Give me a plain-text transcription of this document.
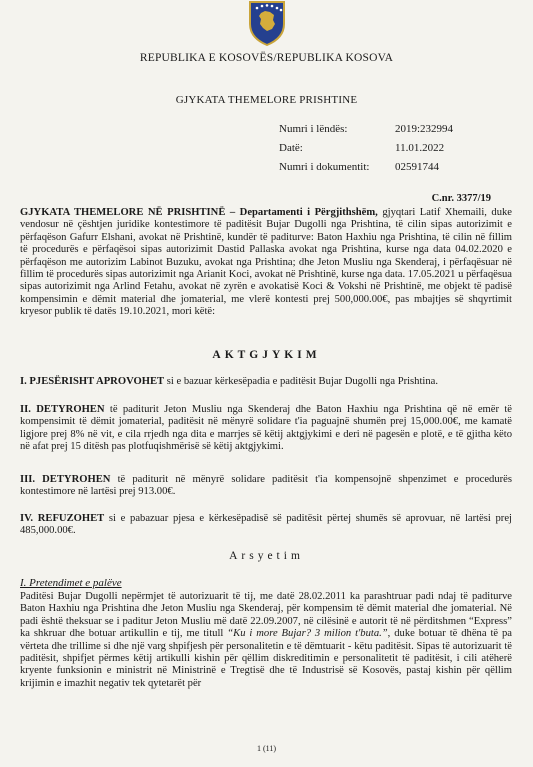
REPUBLIKA E KOSOVËS/REPUBLIKA KOSOVA
GJYKATA THEMELORE PRISHTINE
Numri i lëndës:	2019:232994
Datë:	11.01.2022
Numri i dokumentit: 02591744
C.nr. 3377/19

GJYKATA THEMELORE NË PRISHTINË – Departamenti i Përgjithshëm, gjyqtari Latif Xhemaili, duke vendosur në çështjen juridike kontestimore të paditësit Bujar Dugolli nga Prishtina, të cilin sipas autorizimit e përfaqëson Gafurr Elshani, avokat në Prishtinë, kundër të paditurve: Baton Haxhiu nga Prishtina, të cilin në fillim të procedurës e përfaqësoi sipas autorizimit Dastid Pallaska avokat nga Prishtina, kurse nga data 04.02.2020 e përfaqëson me autorizim Labinot Buzuku, avokat nga Prishtina; dhe Jeton Musliu nga Skenderaj, i përfaqësuar në fillim të procedurës sipas autorizimit nga Arianit Koci, avokat në Prishtinë, kurse nga data. 17.05.2021 u përfaqësua sipas autorizimit nga Arlind Fetahu, avokat në zyrën e avokatisë Koci & Vokshi në Prishtinë, me objekt të padisë kompensimin e dëmit material dhe jomaterial, me vlerë kontesti prej 500,000.00€, pas mbajtjes së shqyrtimit kryesor publik të datës 19.10.2021, mori këtë:

AKTGJYKIM

I. PJESËRISHT APROVOHET si e bazuar kërkesëpadia e paditësit Bujar Dugolli nga Prishtina.

II. DETYROHEN të paditurit Jeton Musliu nga Skenderaj dhe Baton Haxhiu nga Prishtina që në emër të kompensimit të dëmit jomaterial, paditësit në mënyrë solidare t'ia paguajnë shumën prej 15,000.00€, me kamatë ligjore prej 8% në vit, e cila rrjedh nga dita e marrjes së këtij aktgjykimi e deri në pagesën e plotë, e të gjitha këto në afat prej 15 ditësh pas plotfuqishmërisë së këtij aktgjykimi.

III. DETYROHEN të paditurit në mënyrë solidare paditësit t'ia kompensojnë shpenzimet e procedurës kontestimore në lartësi prej 913.00€.

IV. REFUZOHET si e pabazuar pjesa e kërkesëpadisë së paditësit përtej shumës së aprovuar, në lartësi prej 485,000.00€.

Arsyetim
I. Pretendimet e palëve

Paditësi Bujar Dugolli nepërmjet të autorizuarit të tij, me datë 28.02.2011 ka parashtruar padi ndaj të paditurve Baton Haxhiu nga Prishtina dhe Jeton Musliu nga Skenderaj, për kompensim të dëmit material dhe jomaterial. Në padi është theksuar se i paditur Jeton Musliu më datë 22.09.2007, në cilësinë e autorit të në përditshmen “Express” ka shkruar dhe botuar artikullin e tij, me titull “Ku i more Bujar? 3 milion t'buta.”, duke botuar të dhëna të pa vërteta dhe trillime si dhe një varg shpifjesh për personalitetin e të dëmtuarit - këtu paditësit. Sipas të autorizuarit të paditësit, shpifjet përmes këtij artikulli kishin për qëllim diskreditimin e personalitetit të paditësit, i cili atëherë kryente funksionin e ministrit në Ministrinë e Tregtisë dhe të Industrisë së Kosovës, pastaj kishin për qëllim krijimin e imazhit negativ tek qytetarët për

1 (11)
